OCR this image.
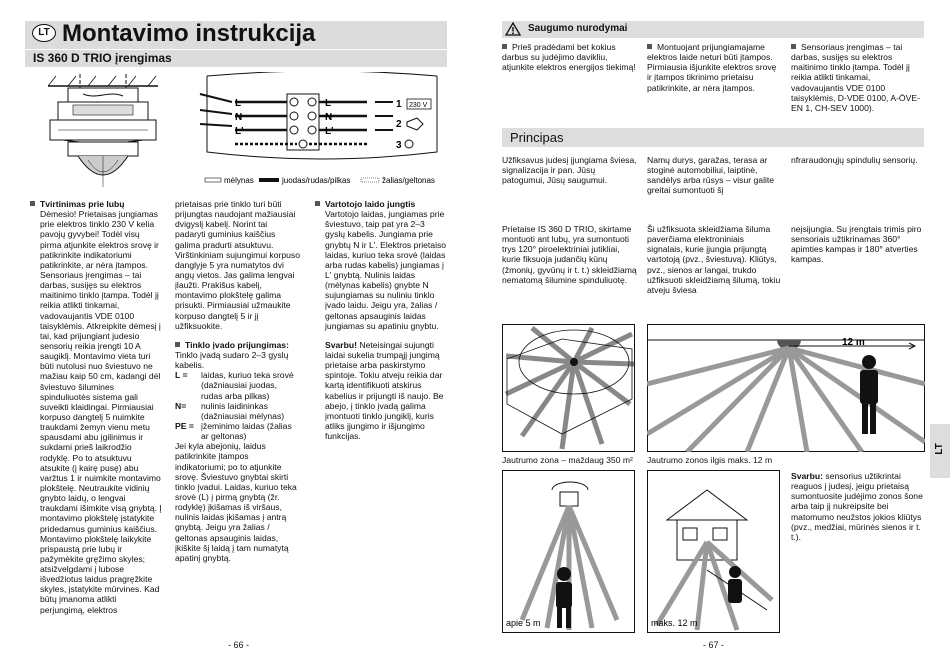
LT Montavimo instrukcija
IS 360 D TRIO įrengimas
L
N
L'
L
N
L'
1
2
3
230 V
mėlynas	juodas/rudas/pilkas	žalias/geltonas

Tvirtinimas prie lubų

Dėmesio! Prietaisas jungiamas prie elektros tinklo 230 V kelia pavojų gyvybei! Todėl visų pirma atjunkite elektros srovę ir patikrinkite indikatoriumi patikrinkite, ar nėra įtampos. Sensoriaus įrengimas – tai darbas, susijęs su elektros maitinimo tinklo įtampa. Todėl jį reikia atlikti tinkamai, vadovaujantis VDE 0100 taisyklėmis. Atkreipkite dėmesį į tai, kad prijungiant judesio sensorių reikia įrengti 10 A saugiklį. Montavimo vieta turi būti nutolusi nuo šviestuvo ne mažiau kaip 50 cm, kadangi dėl šviestuvo šilumines spinduliuotės sistema gali suveikti klaidingai. Pirmiausiai korpuso dangtelį 5 nuimkite traukdami žemyn vienu metu spausdami abu įgilinimus ir sukdami prieš laikrodžio rodyklę. Po to atsuktuvu atsukite (į kairę pusę) abu varžtus 1 ir nuimkite montavimo plokštelę. Neutraukite vidinių gnybto laidų, o lengvai traukdami išimkite visą gnybtą. Į montavimo plokštelę įstatykite pridedamus guminius kaiščius. Montavimo plokštelę laikykite prispaustą prie lubų ir pažymėkite gręžimo skyles; atsižvelgdami į lubose išvedžiotus laidus pragręžkite skyles, įstatykite mūrvines. Kad būtų įmanoma atlikti perjungimą, elektros

prietaisas prie tinklo turi būti prijungtas naudojant mažiausiai dvigyslį kabelį. Norint tai padaryti guminius kaiščius galima pradurti atsuktuvu. Virštinkiniam sujungimui korpuso danglyje 5 yra numatytos dvi angų vietos. Jas galima lengvai įlaužti. Prakišus kabelį, montavimo plokštelę galima prisukti. Pirmiausiai užmaukite korpuso dangtelį 5 ir jį užfiksuokite.

Tinklo įvado prijungimas:

Tinklo įvadą sudaro 2–3 gyslų kabelis.

L =	laidas, kuriuo teka srovė (dažniausiai juodas, rudas arba pilkas)
N=	nulinis laidininkas (dažniausiai mėlynas)
PE =	įžeminimo laidas (žalias ar geltonas)

Jei kyla abejonių, laidus patikrinkite įtampos indikatoriumi; po to atjunkite srovę. Šviestuvo gnybtai skirti tinklo įvadui. Laidas, kuriuo teka srovė (L) į pirmą gnybtą (žr. rodyklę) įkišamas iš viršaus, nulinis laidas įkišamas į antrą gnybtą. Jeigu yra žalias / geltonas apsauginis laidas, įkiškite šį laidą į tam numatytą apatinį gnybtą.

Vartotojo laido jungtis

Vartotojo laidas, jungiamas prie šviestuvo, taip pat yra 2–3 gyslų kabelis. Jungiama prie gnybtų N ir L'. Elektros prietaiso laidas, kuriuo teka srovė (laidas arba rudas kabelis) jungiamas į L' gnybtą. Nulinis laidas (mėlynas kabelis) gnybte N sujungiamas su nuliniu tinklo įvado laidu. Jeigu yra, žalias / geltonas apsauginis laidas jungiamas su apatiniu gnybtu.

Svarbu! Neteisingai sujungti laidai sukelia trumpąjį jungimą prietaise arba paskirstymo spintoje. Tokiu atveju reikia dar kartą identifikuoti atskirus kabelius ir prijungti iš naujo. Be abejo, į tinklo įvadą galima įmontuoti tinklo jungiklį, kuris atliks įjungimo ir išjungimo funkcijas.

- 66 -
Saugumo nurodymai

Prieš pradėdami bet kokius darbus su judėjimo davikliu, atjunkite elektros energijos tiekimą!

Montuojant prijungiamajame elektros laide neturi būti įtampos. Pirmiausia išjunkite elektros srovę ir įtampos tikrinimo prietaisu patikrinkite, ar nėra įtampos.

Sensoriaus įrengimas – tai darbas, susijęs su elektros maitinimo tinklo įtampa. Todėl jį reikia atlikti tinkamai, vadovaujantis VDE 0100 taisyklėmis, D-VDE 0100, A-ÖVE-EN 1, CH-SEV 1000).

Principas

Užfiksavus judesį įjungiama šviesa, signalizacija ir pan. Jūsų patogumui, Jūsų saugumui.

Namų durys, garažas, terasa ar stoginė automobiliui, laiptinė, sandėlys arba rūsys – visur galite greitai sumontuoti šį

nfraraudonųjų spindulių sensorių.

Prietaise IS 360 D TRIO, skirtame montuoti ant lubų, yra sumontuoti trys 120° piroelektriniai jutikliai, kurie fiksuoja judančių kūnų (žmonių, gyvūnų ir t. t.) skleidžiamą nematomą šilumine spinduliuotę.

Ši užfiksuota skleidžiama šiluma paverčiama elektroniniais signalais, kurie įjungia prijungtą vartotoją (pvz., šviestuvą). Kliūtys, pvz., sienos ar langai, trukdo užfiksuoti skleidžiamą šilumą, tokiu atveju šviesa

neįsijungia. Su įrengtais trimis piro sensoriais užtikrinamas 360° apimties kampas ir 180° atverties kampas.

12 m
Jautrumo zona – maždaug 350 m²	Jautrumo zonos ilgis maks. 12 m
apie 5 m	maks. 12 m

Svarbu: sensorius užtikrintai reaguos į judesį, jeigu prietaisą sumontuosite judėjimo zonos šone arba taip jį nukreipsite bei matomumo neužstos jokios kliūtys (pvz., medžiai, mūrinės sienos ir t. t.).

LT
- 67 -
